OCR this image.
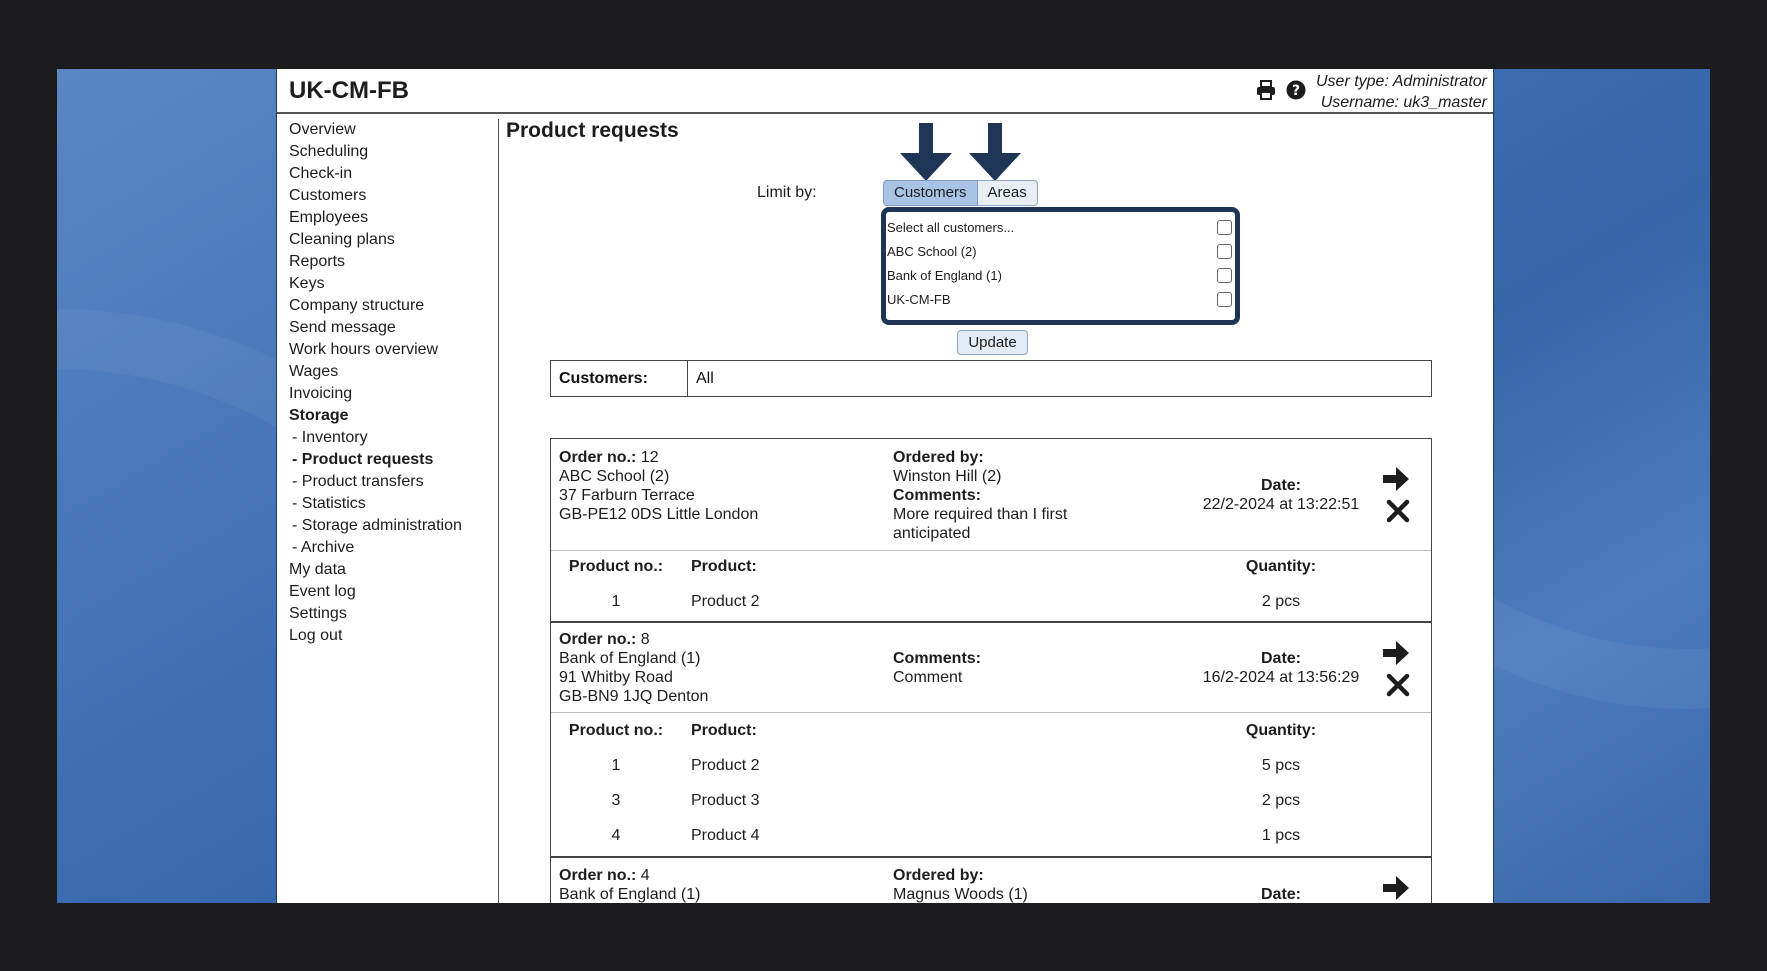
UK-CM-FB	?
User type: Administrator
Username: uk3_master
Overview
Scheduling
Check-in
Customers
Employees
Cleaning plans
Reports
Keys
Company structure
Send message
Work hours overview
Wages
Invoicing
Storage
- Inventory
- Product requests
- Product transfers
- Statistics
- Storage administration
- Archive
My data
Event log
Settings
Log out
Product requests
Limit by:	Customers	Areas
Select all customers...
ABC School (2)
Bank of England (1)
UK-CM-FB
Update
Customers:	All
Order no.: 12
ABC School (2)
37 Farburn Terrace
GB-PE12 0DS Little London
Ordered by:
Winston Hill (2)
Comments:
More required than I first
anticipated
Date:
22/2-2024 at 13:22:51
Product no.:	Product:	Quantity:
1	Product 2	2 pcs
Order no.: 8
Bank of England (1)
91 Whitby Road
GB-BN9 1JQ Denton
Comments:
Comment
Date:
16/2-2024 at 13:56:29
Product no.:	Product:	Quantity:
1	Product 2	5 pcs
3	Product 3	2 pcs
4	Product 4	1 pcs
Order no.: 4
Bank of England (1)
Ordered by:
Magnus Woods (1)	Date:
